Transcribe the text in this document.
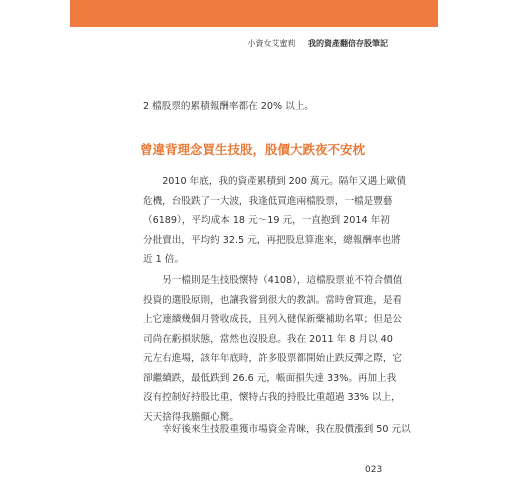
小資女艾蜜莉 我的資產翻倍存股筆記

2 檔股票的累積報酬率都在 20% 以上。

曾違背理念買生技股，股價大跌夜不安枕

2010 年底，我的資產累積到 200 萬元。隔年又遇上歐債

危機，台股跌了一大波，我逢低買進兩檔股票，一檔是豐藝

（6189），平均成本 18 元～19 元，一直抱到 2014 年初

分批賣出，平均約 32.5 元，再把股息算進來，總報酬率也將

近 1 倍。

另一檔則是生技股懷特（4108），這檔股票並不符合價值

投資的選股原則，也讓我嘗到很大的教訓。當時會買進，是看

上它連續幾個月營收成長，且列入健保新藥補助名單；但是公

司尚在虧損狀態，當然也沒股息。我在 2011 年 8 月以 40

元左右進場，該年年底時，許多股票都開始止跌反彈之際，它

卻繼續跌，最低跌到 26.6 元，帳面損失達 33%。再加上我

沒有控制好持股比重，懷特占我的持股比重超過 33% 以上，

天天捨得我膽顫心驚。

幸好後來生技股重獲市場資金青睞，我在股價漲到 50 元以

023
